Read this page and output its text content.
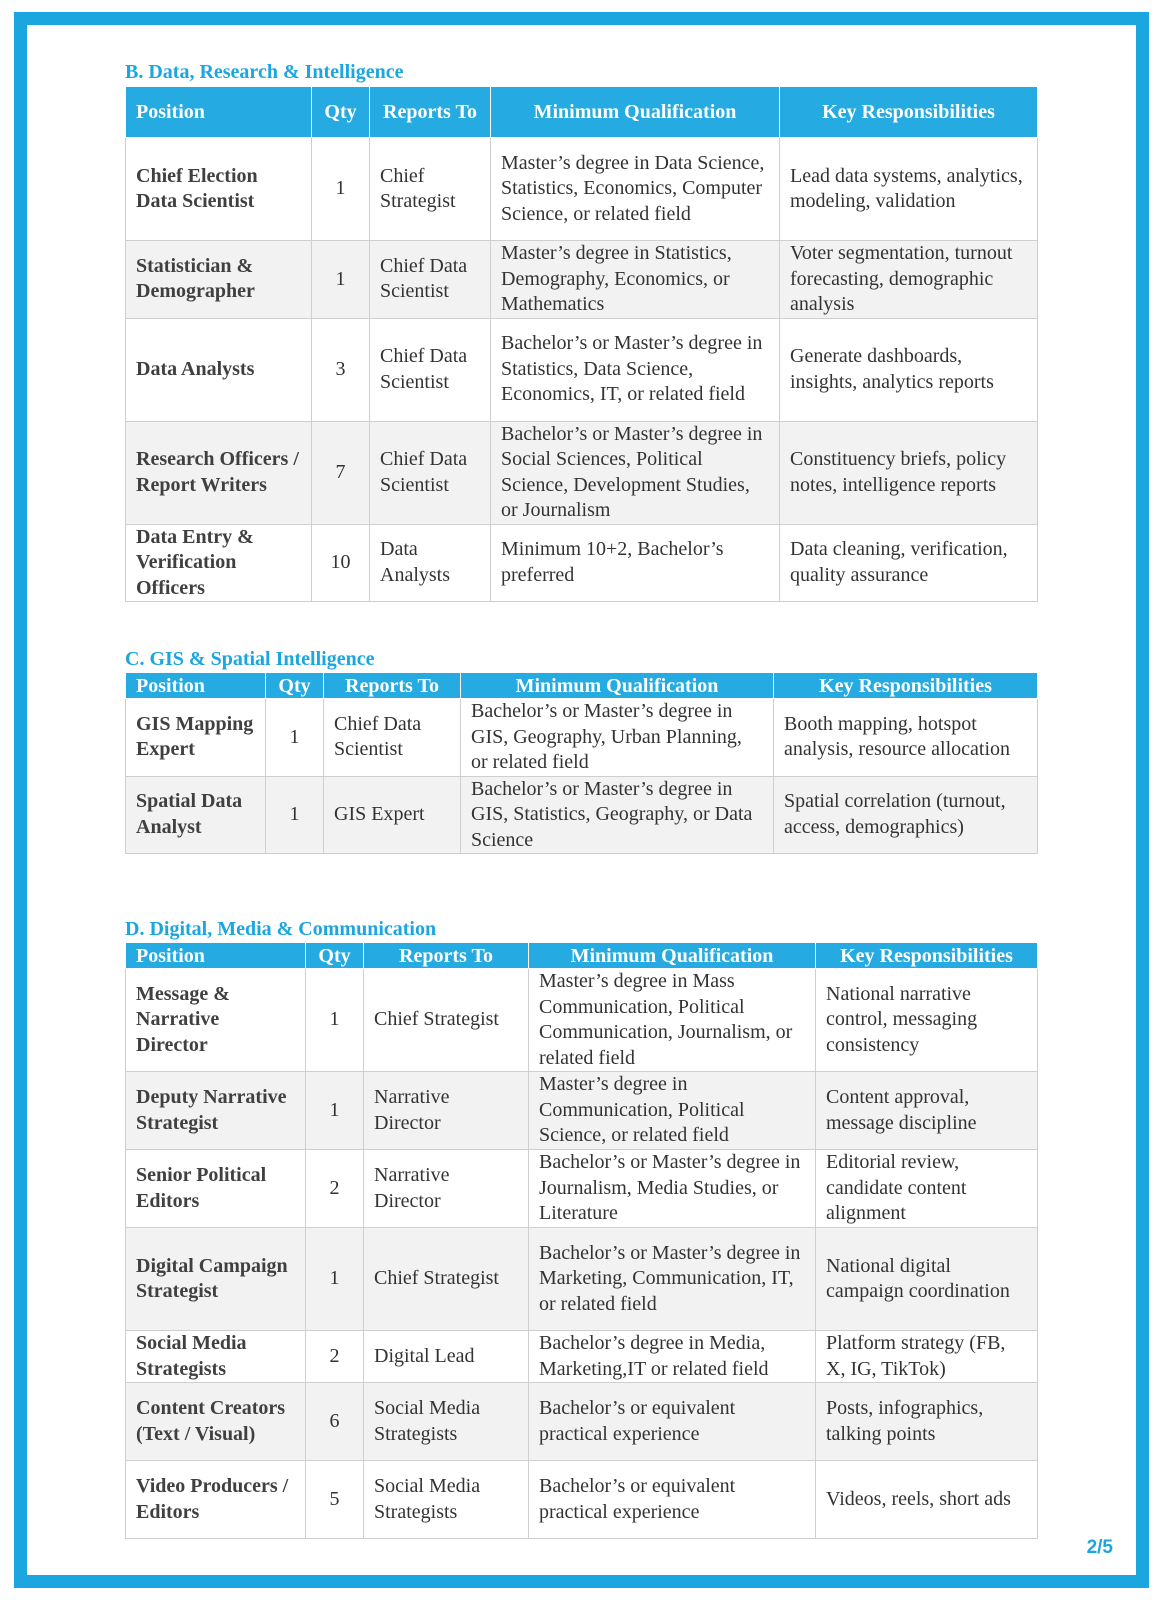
B. Data, Research & Intelligence
Position	Qty	Reports To	Minimum Qualification	Key Responsibilities
Chief Election Data Scientist	1	Chief Strategist	Master’s degree in Data Science, Statistics, Economics, Computer Science, or related field	Lead data systems, analytics, modeling, validation
Statistician & Demographer	1	Chief Data Scientist	Master’s degree in Statistics, Demography, Economics, or Mathematics	Voter segmentation, turnout forecasting, demographic analysis
Data Analysts	3	Chief Data Scientist	Bachelor’s or Master’s degree in Statistics, Data Science, Economics, IT, or related field	Generate dashboards, insights, analytics reports
Research Officers / Report Writers	7	Chief Data Scientist	Bachelor’s or Master’s degree in Social Sciences, Political Science, Development Studies, or Journalism	Constituency briefs, policy notes, intelligence reports
Data Entry & Verification Officers	10	Data Analysts	Minimum 10+2, Bachelor’s preferred	Data cleaning, verification, quality assurance
C. GIS & Spatial Intelligence
Position	Qty	Reports To	Minimum Qualification	Key Responsibilities
GIS Mapping Expert	1	Chief Data Scientist	Bachelor’s or Master’s degree in GIS, Geography, Urban Planning, or related field	Booth mapping, hotspot analysis, resource allocation
Spatial Data Analyst	1	GIS Expert	Bachelor’s or Master’s degree in GIS, Statistics, Geography, or Data Science	Spatial correlation (turnout, access, demographics)
D. Digital, Media & Communication
Position	Qty	Reports To	Minimum Qualification	Key Responsibilities
Message & Narrative Director	1	Chief Strategist	Master’s degree in Mass Communication, Political Communication, Journalism, or related field	National narrative control, messaging consistency
Deputy Narrative Strategist	1	Narrative Director	Master’s degree in Communication, Political Science, or related field	Content approval, message discipline
Senior Political Editors	2	Narrative Director	Bachelor’s or Master’s degree in Journalism, Media Studies, or Literature	Editorial review, candidate content alignment
Digital Campaign Strategist	1	Chief Strategist	Bachelor’s or Master’s degree in Marketing, Communication, IT, or related field	National digital campaign coordination
Social Media Strategists	2	Digital Lead	Bachelor’s degree in Media, Marketing,IT or related field	Platform strategy (FB, X, IG, TikTok)
Content Creators (Text / Visual)	6	Social Media Strategists	Bachelor’s or equivalent practical experience	Posts, infographics, talking points
Video Producers / Editors	5	Social Media Strategists	Bachelor’s or equivalent practical experience	Videos, reels, short ads
2/5
